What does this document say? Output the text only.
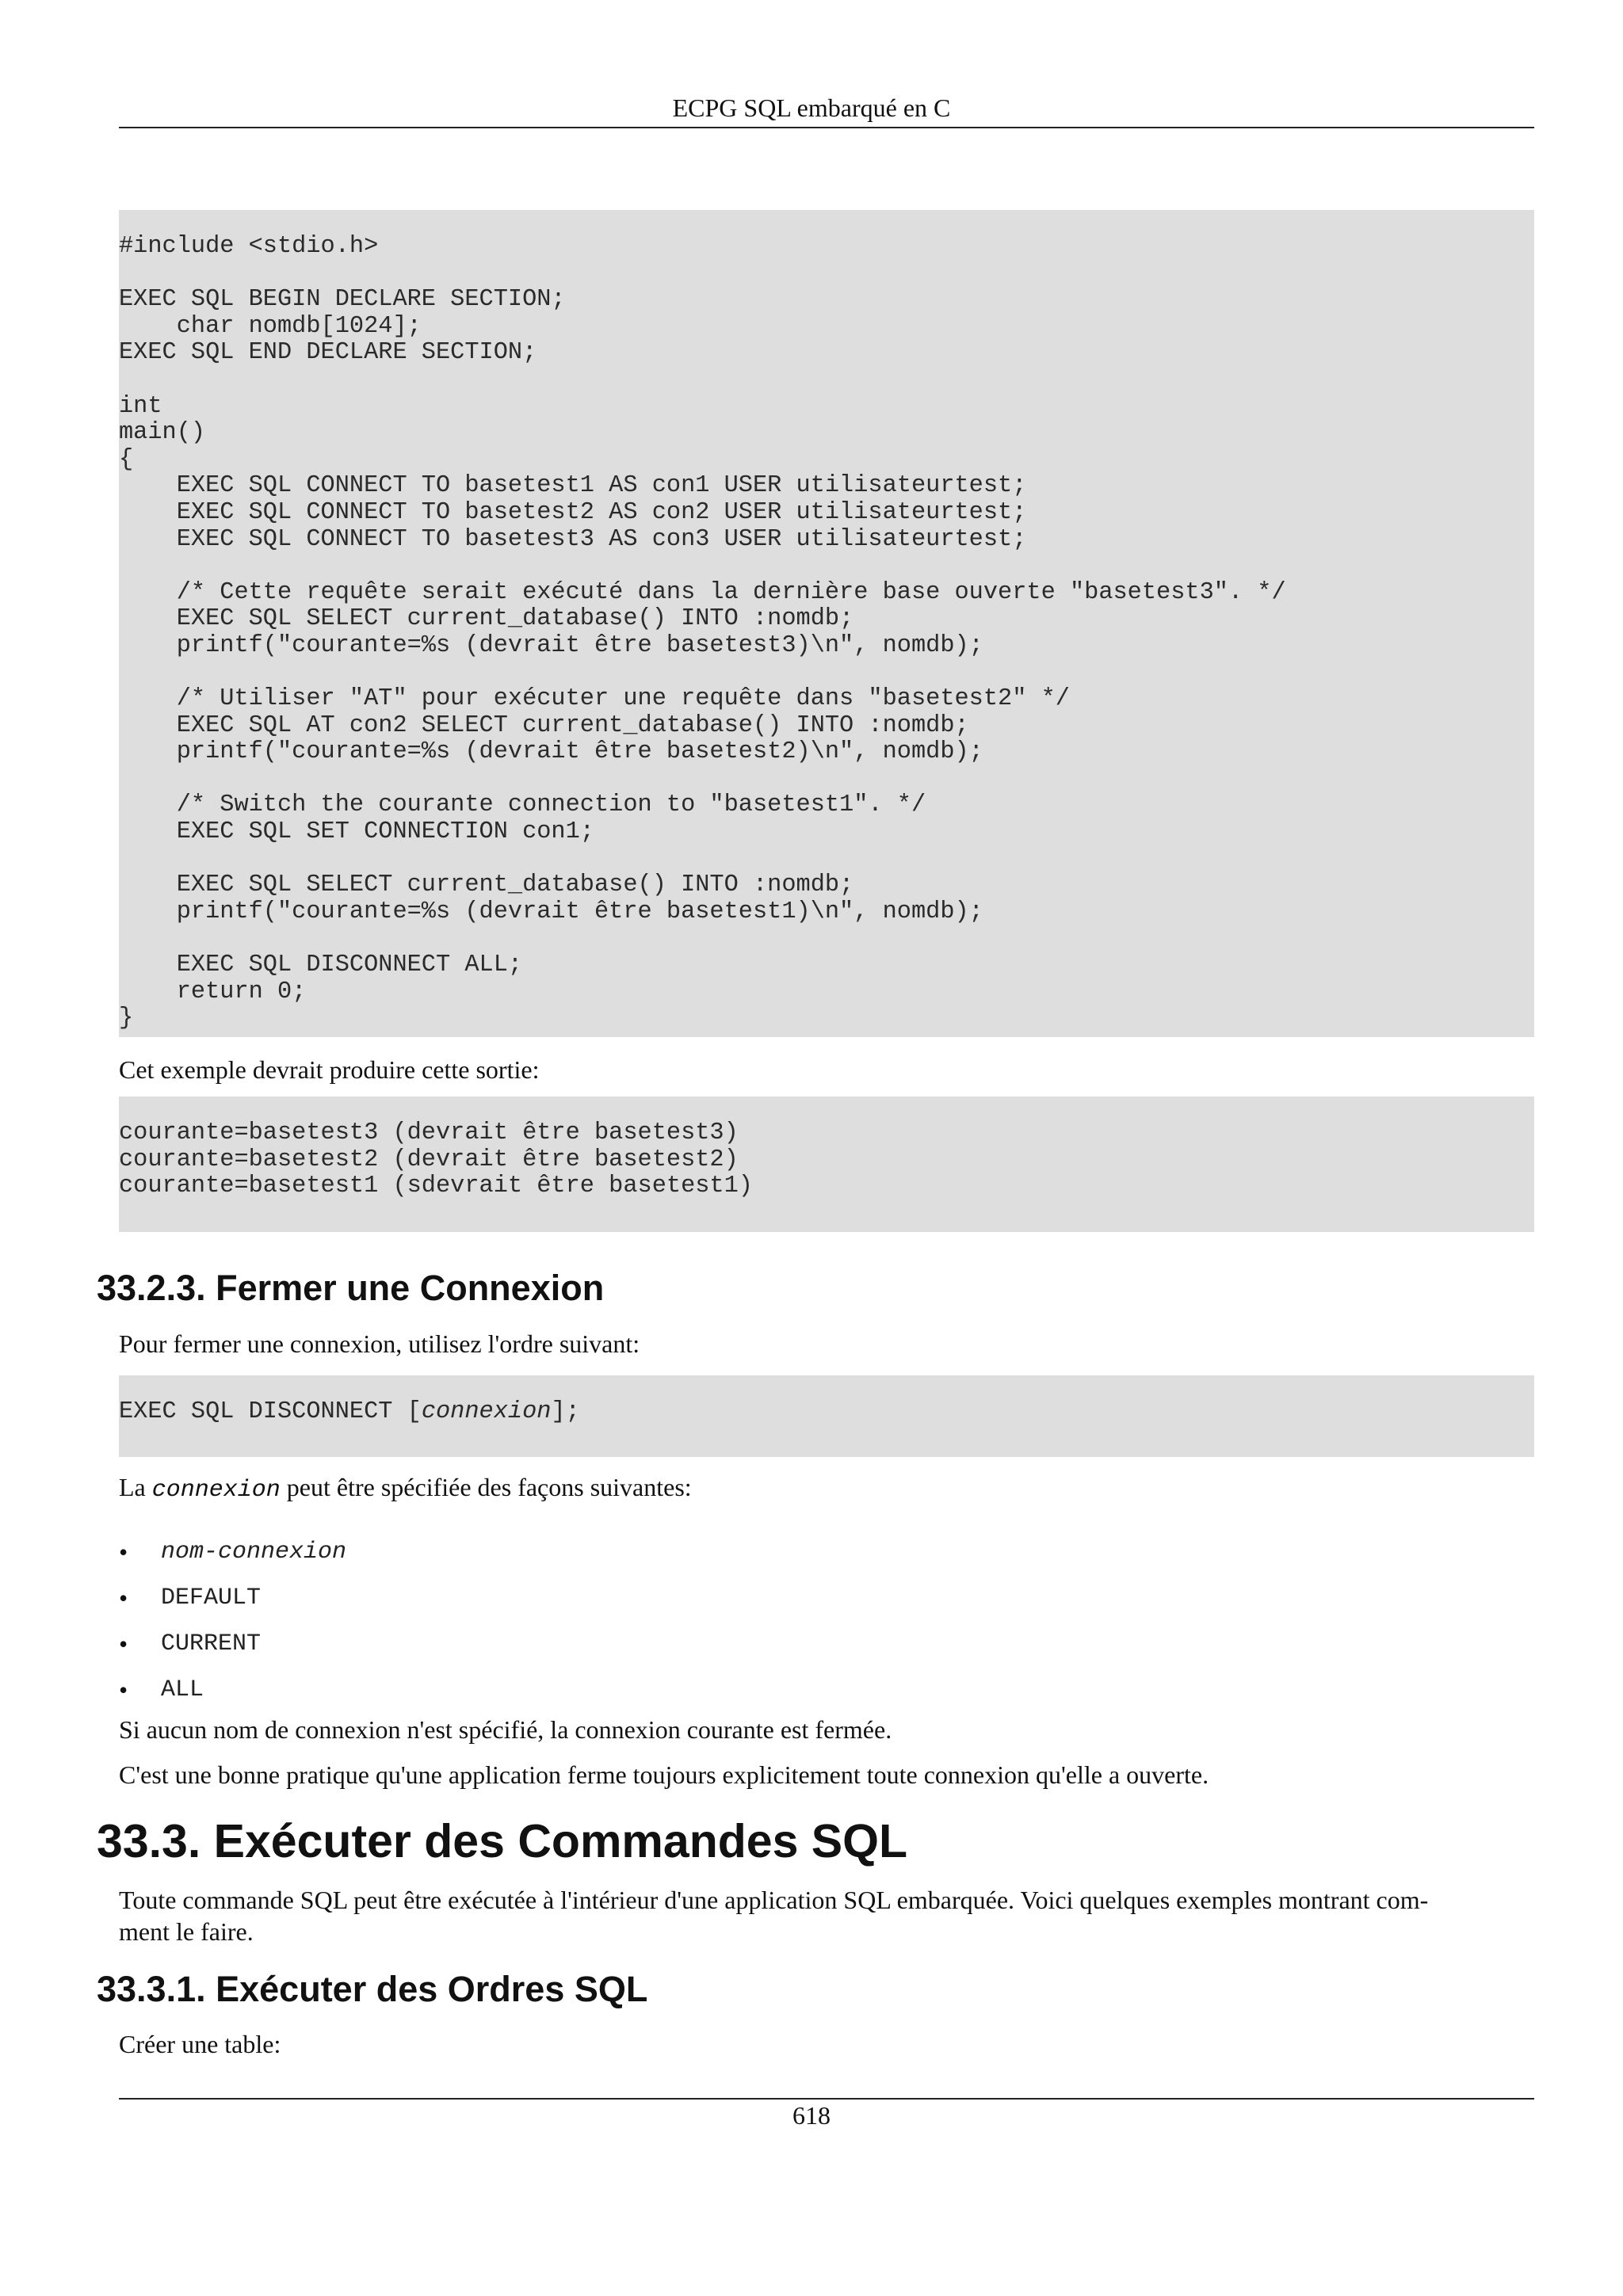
ECPG SQL embarqué en C
#include <stdio.h>

EXEC SQL BEGIN DECLARE SECTION;
char nomdb[1024];
EXEC SQL END DECLARE SECTION;

int
main()
{
EXEC SQL CONNECT TO basetest1 AS con1 USER utilisateurtest;
EXEC SQL CONNECT TO basetest2 AS con2 USER utilisateurtest;
EXEC SQL CONNECT TO basetest3 AS con3 USER utilisateurtest;

/* Cette requête serait exécuté dans la dernière base ouverte "basetest3". */
EXEC SQL SELECT current_database() INTO :nomdb;
printf("courante=%s (devrait être basetest3)\n", nomdb);

/* Utiliser "AT" pour exécuter une requête dans "basetest2" */
EXEC SQL AT con2 SELECT current_database() INTO :nomdb;
printf("courante=%s (devrait être basetest2)\n", nomdb);

/* Switch the courante connection to "basetest1". */
EXEC SQL SET CONNECTION con1;

EXEC SQL SELECT current_database() INTO :nomdb;
printf("courante=%s (devrait être basetest1)\n", nomdb);

EXEC SQL DISCONNECT ALL;
return 0;
}
Cet exemple devrait produire cette sortie:
courante=basetest3 (devrait être basetest3)
courante=basetest2 (devrait être basetest2)
courante=basetest1 (sdevrait être basetest1)
33.2.3. Fermer une Connexion
Pour fermer une connexion, utilisez l'ordre suivant:
EXEC SQL DISCONNECT [connexion];
La connexion peut être spécifiée des façons suivantes:
•	nom-connexion
•	DEFAULT
•	CURRENT
•	ALL
Si aucun nom de connexion n'est spécifié, la connexion courante est fermée.
C'est une bonne pratique qu'une application ferme toujours explicitement toute connexion qu'elle a ouverte.
33.3. Exécuter des Commandes SQL
Toute commande SQL peut être exécutée à l'intérieur d'une application SQL embarquée. Voici quelques exemples montrant com-
ment le faire.
33.3.1. Exécuter des Ordres SQL
Créer une table:
618
